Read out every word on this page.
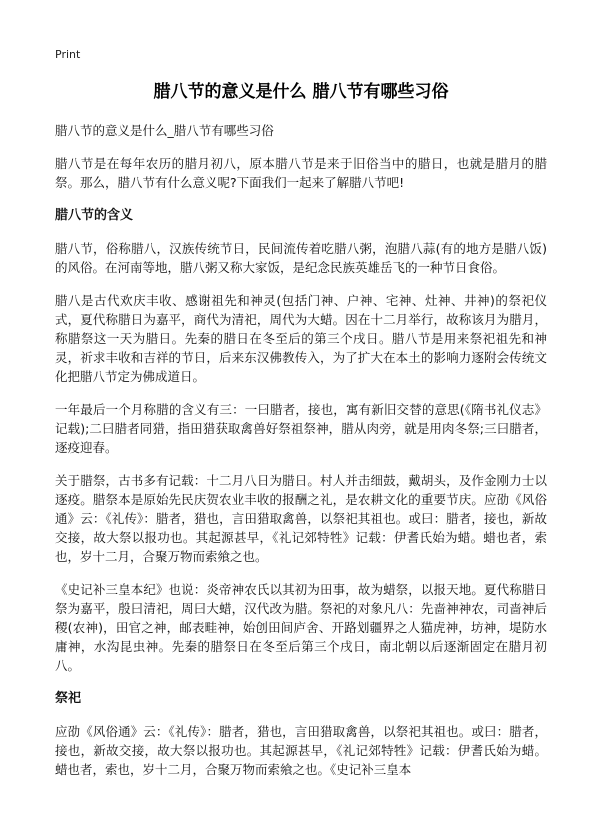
Print
腊八节的意义是什么 腊八节有哪些习俗

腊八节的意义是什么_腊八节有哪些习俗

腊八节是在每年农历的腊月初八，原本腊八节是来于旧俗当中的腊日，也就是腊月的腊祭。那么，腊八节有什么意义呢?下面我们一起来了解腊八节吧!

腊八节的含义

腊八节，俗称腊八，汉族传统节日，民间流传着吃腊八粥，泡腊八蒜(有的地方是腊八饭)的风俗。在河南等地，腊八粥又称大家饭，是纪念民族英雄岳飞的一种节日食俗。

腊八是古代欢庆丰收、感谢祖先和神灵(包括门神、户神、宅神、灶神、井神)的祭祀仪式，夏代称腊日为嘉平，商代为清祀，周代为大蜡。因在十二月举行，故称该月为腊月，称腊祭这一天为腊日。先秦的腊日在冬至后的第三个戌日。腊八节是用来祭祀祖先和神灵，祈求丰收和吉祥的节日，后来东汉佛教传入，为了扩大在本土的影响力逐附会传统文化把腊八节定为佛成道日。

一年最后一个月称腊的含义有三：一曰腊者，接也，寓有新旧交替的意思(《隋书礼仪志》记载);二曰腊者同猎，指田猎获取禽兽好祭祖祭神，腊从肉旁，就是用肉冬祭;三曰腊者，逐疫迎春。

关于腊祭，古书多有记载：十二月八日为腊日。村人并击细鼓，戴胡头，及作金刚力士以逐疫。腊祭本是原始先民庆贺农业丰收的报酬之礼，是农耕文化的重要节庆。应劭《风俗通》云：《礼传》：腊者，猎也，言田猎取禽兽，以祭祀其祖也。或曰：腊者，接也，新故交接，故大祭以报功也。其起源甚早，《礼记郊特牲》记载：伊耆氏始为蜡。蜡也者，索也，岁十二月，合聚万物而索飨之也。

《史记补三皇本纪》也说：炎帝神农氏以其初为田事，故为蜡祭，以报天地。夏代称腊日祭为嘉平，殷曰清祀，周曰大蜡，汉代改为腊。祭祀的对象凡八：先啬神神农，司啬神后稷(农神)，田官之神，邮表畦神，始创田间庐舍、开路划疆界之人猫虎神，坊神，堤防水庸神，水沟昆虫神。先秦的腊祭日在冬至后第三个戌日，南北朝以后逐渐固定在腊月初八。

祭祀

应劭《风俗通》云：《礼传》：腊者，猎也，言田猎取禽兽，以祭祀其祖也。或曰：腊者，接也，新故交接，故大祭以报功也。其起源甚早，《礼记郊特牲》记载：伊耆氏始为蜡。蜡也者，索也，岁十二月，合聚万物而索飨之也。《史记补三皇本
